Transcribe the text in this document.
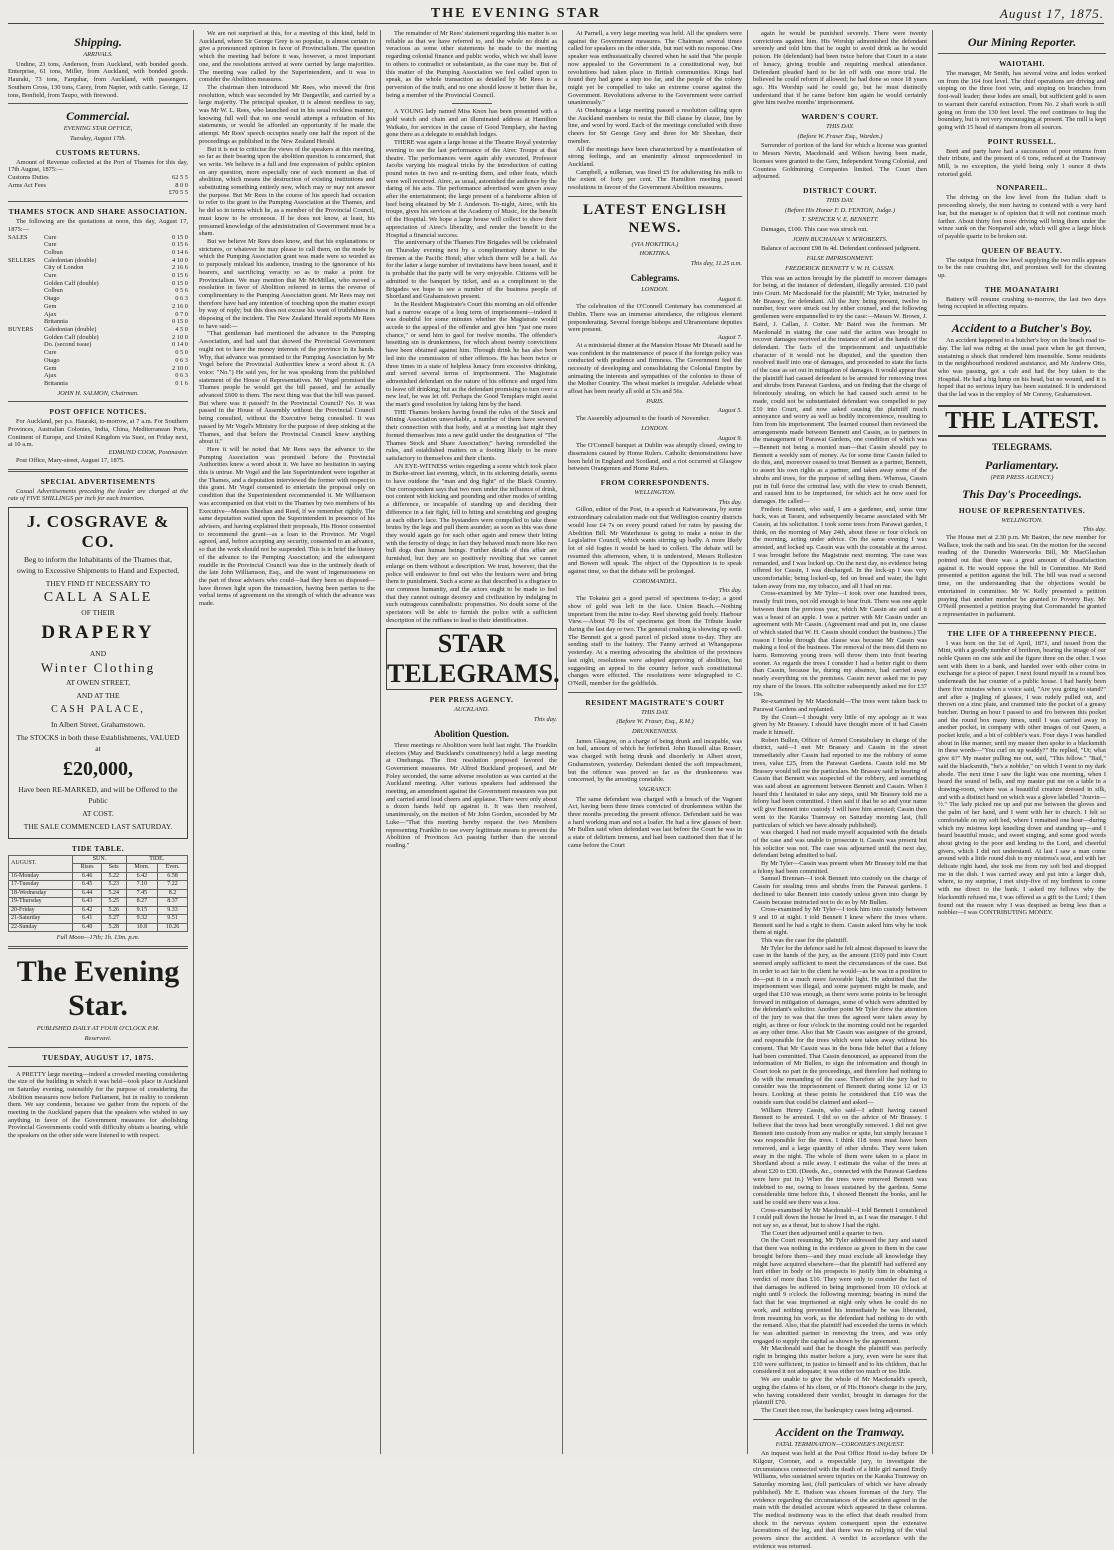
THE EVENING STAR	August 17, 1875.
Shipping.
ARRIVALS.

Undine, 23 tons, Anderson, from Auckland, with bonded goods. Enterprise, 61 tons, Miller, from Auckland, with bonded goods. Hauraki, 73 tons, Farquhar, from Auckland, with passengers. Southern Cross, 130 tons, Carey, from Napier, with cattle. George, 12 tons, Bonfield, from Taupo, with firewood.

Commercial.
EVENING STAR OFFICE,
Tuesday, August 17th.
CUSTOMS RETURNS.

Amount of Revenue collected at the Port of Thames for this day, 17th August, 1875:—

Customs Duties	62 5 5
Arms Act Fees	8 0 0
£70 5 5
THAMES STOCK AND SHARE ASSOCIATION.

The following are the quotations at noon, this day, August 17, 1875:—

SALES	Cure	0 15 0
Cure	0 15 6
Colbun	0 14 6
SELLERS	Caledonian (double)	4 10 0
City of London	2 16 6
Cure	0 15 6
Golden Calf (double)	0 15 0
Colbun	0 5 6
Otago	0 6 3
Gem	2 16 0
Ajax	0 7 0
Britannia	0 15 0
BUYERS	Caledonian (double)	4 5 0
Golden Calf (double)	2 10 0
Do. (second issue)	0 14 0
Cure	0 5 0
Otago	0 6 3
Gem	2 10 0
Ajax	0 6 3
Britannia	0 1 6
JOHN H. SALMON, Chairman.
POST OFFICE NOTICES.

For Auckland, per p.s. Hauraki, to-morrow, at 7 a.m. For Southern Provinces, Australian Colonies, India, China, Mediterranean Ports, Continent of Europe, and United Kingdom via Suez, on Friday next, at 10 a.m.

EDMUND COOK, Postmaster.

Post Office, Mary-street, August 17, 1875.

SPECIAL ADVERTISEMENTS

Casual Advertisements preceding the leader are charged at the rate of FIVE SHILLINGS per inch for each insertion.

J. COSGRAVE & CO.
Beg to inform the Inhabitants of the Thames that, owing to Excessive Shipments to Hand and Expected,
THEY FIND IT NECESSARY TO
CALL A SALE
OF THEIR
DRAPERY
AND
Winter Clothing
AT OWEN STREET,
AND AT THE
CASH PALACE,
In Albert Street, Grahamstown.
The STOCKS in both these Establishments, VALUED at
£20,000,
Have been RE-MARKED, and will be Offered to the Public
AT COST.
THE SALE COMMENCED LAST SATURDAY.
TIDE TABLE.
AUGUST.	SUN.		TIDE.	
	Rises	Sets	Morn.	Even.
16-Monday	6.46	5.22	6.42	6.58
17-Tuesday	6.45	5.23	7.10	7.22
18-Wednesday	6.44	5.24	7.45	8.2
19-Thursday	6.43	5.25	8.27	8.37
20-Friday	6.42	5.26	9.15	9.33
21-Saturday	6.41	5.27	9.32	9.51
22-Sunday	6.40	5.28	10.8	10.26
Full Moon—17th; 1h. 13m. p.m.
The Evening Star.
PUBLISHED DAILY AT FOUR O'CLOCK P.M.
Reservavi.
TUESDAY, AUGUST 17, 1875.

A PRETTY large meeting—indeed a crowded meeting considering the size of the building in which it was held—took place in Auckland on Saturday evening, ostensibly for the purpose of considering the Abolition measures now before Parliament, but in reality to condemn them. We say condemn, because we gather from the reports of the meeting in the Auckland papers that the speakers who wished to say anything in favor of the Government measures for abolishing Provincial Governments could with difficulty obtain a hearing, while the speakers on the other side were listened to with respect.

We are not surprised at this, for a meeting of this kind, held in Auckland, where Sir George Grey is so popular, is almost certain to give a pronounced opinion in favor of Provincialism. The question which the meeting had before it was, however, a most important one, and the resolutions arrived at were carried by large majorities. The meeting was called by the Superintendent, and it was to consider the Abolition measures.

The chairman then introduced Mr Rees, who moved the first resolution, which was seconded by Mr Dargaville, and carried by a large majority. The principal speaker, it is almost needless to say, was Mr W. L. Rees, who launched out in his usual reckless manner, knowing full well that no one would attempt a refutation of his statements, or would be afforded an opportunity if he made the attempt. Mr Rees' speech occupies nearly one half the report of the proceedings as published in the New Zealand Herald.

But it is not to criticise the views of the speakers at this meeting, so far as their bearing upon the abolition question is concerned, that we write. We believe in a full and free expression of public opinion on any question, more especially one of such moment as that of abolition, which means the destruction of existing institutions and substituting something entirely new, which may or may not answer the purpose. But Mr Rees in the course of his speech had occasion to refer to the grant to the Pumping Association at the Thames, and he did so in terms which he, as a member of the Provincial Council, must know to be erroneous. If he does not know, at least, his presumed knowledge of the administration of Government must be a sham.

But we believe Mr Rees does know, and that his explanations or strictures, or whatever he may please to call them, on the mode by which the Pumping Association grant was made were so worded as to purposely mislead his audience, trusting to the ignorance of his hearers, and sacrificing veracity so as to make a point for Provincialism. We may mention that Mr McMillan, who moved a resolution in favor of Abolition referred in terms the reverse of complimentary to the Pumping Association grant. Mr Rees may not therefore have had any intention of touching upon the matter except by way of reply; but this does not excuse his want of truthfulness in disposing of the incident. The New Zealand Herald reports Mr Rees to have said:—

"That gentleman had mentioned the advance to the Pumping Association, and had said that showed the Provincial Government ought not to have the money interests of the province in its hands. Why, that advance was promised to the Pumping Association by Mr Vogel before the Provincial Authorities knew a word about it. (A voice: "No.") He said yes, for he was speaking from the published statement of the House of Representatives. Mr Vogel promised the Thames people he would get the bill passed, and he actually advanced £600 to them. The next thing was that the bill was passed. But where was it passed? In the Provincial Council? No. It was passed in the House of Assembly without the Provincial Council being consulted, without the Executive being consulted. It was passed by Mr Vogel's Ministry for the purpose of deep sinking at the Thames, and that before the Provincial Council knew anything about it."

Here it will be noted that Mr Rees says the advance to the Pumping Association was promised before the Provincial Authorities knew a word about it. We have no hesitation in saying this is untrue. Mr Vogel and the late Superintendent were together at the Thames, and a deputation interviewed the former with respect to this grant. Mr Vogel consented to entertain the proposal only on condition that the Superintendent recommended it. Mr Williamson was accompanied on that visit to the Thames by two members of his Executive—Messrs Sheehan and Reed, if we remember rightly. The same deputation waited upon the Superintendent in presence of his advisers, and having explained their proposals, His Honor consented to recommend the grant—as a loan to the Province. Mr Vogel agreed, and, before accepting any security, consented to an advance, so that the work should not be suspended. This is in brief the history of the advance to the Pumping Association; and the subsequent muddle in the Provincial Council was due to the untimely death of the late John Williamson, Esq., and the want of ingenuousness on the part of those advisers who could—had they been so disposed—have thrown light upon the transaction, having been parties to the verbal terms of agreement on the strength of which the advance was made.

The remainder of Mr Rees' statement regarding this matter is so reliable as that we have referred to, and the whole no doubt as veracious as some other statements he made to the meeting regarding colonial finance and public works, which we shall leave to others to contradict or substantiate, as the case may be. But of this matter of the Pumping Association we feel called upon to speak, as the whole transaction as detailed by Mr Rees is a perversion of the truth, and no one should know it better than he, being a member of the Provincial Council.

A YOUNG lady named Miss Knox has been presented with a gold watch and chain and an illuminated address at Hamilton Waikato, for services in the cause of Good Templary, she having gone there as a delegate to establish lodges.

THERE was again a large house at the Theatre Royal yesterday evening to see the last performance of the Airec Troupe at that theatre. The performances were again ably executed, Professor Jacobs varying his magical tricks by the introduction of cutting pound notes in two and re-uniting them, and other feats, which were well received. Airec, as usual, astonished the audience by the daring of his acts. The performance advertised were given away after the entertainment; the large present of a handsome albion of beef being obtained by Mr J. Anderson. To-night, Airec, with his troupe, gives his services at the Academy of Music, for the benefit of the Hospital. We hope a large house will collect to show their appreciation of Airec's liberality, and render the benefit to the Hospital a financial success.

The anniversary of the Thames Fire Brigades will be celebrated on Thursday evening next by a complimentary dinner to the firemen at the Pacific Hotel; after which there will be a ball. As for the latter a large number of invitations have been issued, and it is probable that the party will be very enjoyable. Citizens will be admitted to the banquet by ticket, and as a compliment to the Brigades we hope to see a number of the business people of Shortland and Grahamstown present.

In the Resident Magistrate's Court this morning an old offender had a narrow escape of a long term of imprisonment—indeed it was doubtful for some minutes whether the Magistrate would accede to the appeal of the offender and give him "just one more chance," or send him to gaol for twelve months. The offender's besetting sin is drunkenness, for which about twenty convictions have been obtained against him. Through drink he has also been led into the commission of other offences. He has been twice or three times in a state of helpless lunacy from excessive drinking, and served several terms of imprisonment. The Magistrate admonished defendant on the nature of his offence and urged him to leave off drinking; but as the defendant promising to turn over a new leaf, he was let off. Perhaps the Good Templars might assist the man's good resolution by taking him by the hand.

THE Thames brokers having found the rules of the Stock and Mining Association unworkable, a number of them have severed their connection with that body, and at a meeting last night they formed themselves into a new guild under the designation of "The Thames Stock and Share Association;" having remodelled the rules, and established matters on a footing likely to be more satisfactory to themselves and their clients.

AN EYE-WITNESS writes regarding a scene which took place in Burke-street last evening, which, in its sickening details, seems to have outdone the "man and dog fight" of the Black Country. Our correspondent says that two men under the influence of drink, not content with kicking and pounding and other modes of settling a difference, or incapable of standing up and deciding their difference in a fair fight, fell to biting and scratching and gouging at each other's face. The bystanders were compelled to take these brutes by the legs and pull them asunder; as soon as this was done they would again go for each other again and renew their biting with the ferocity of dogs; in fact they behaved much more like two bull dogs than human beings. Further details of this affair are furnished, but they are so positively revolting that we cannot enlarge on them without a description. We trust, however, that the police will endeavor to find out who the bruisers were and bring them to punishment. Such a scene as that described is a disgrace to our common humanity, and the actors ought to be made to feel that they cannot outrage decency and civilization by indulging in such outrageous cannibalistic propensities. No doubt some of the spectators will be able to furnish the police with a sufficient description of the ruffians to lead to their identification.

STAR TELEGRAMS.
PER PRESS AGENCY.
AUCKLAND.
This day.
Abolition Question.

Three meetings re Abolition were held last night. The Franklin electors (May and Buckland's constituency) held a large meeting at Onehunga. The first resolution proposed favored the Government measures. Mr Alfred Buckland proposed, and Mr Foley seconded, the same adverse resolution as was carried at the Auckland meeting. After various speakers had addressed the meeting, an amendment against the Government measures was put and carried amid loud cheers and applause. There were only about a dozen hands held up against it. It was then resolved, unanimously, on the motion of Mr John Gordon, seconded by Mr Luke—"That this meeting hereby request the two Members representing Franklin to use every legitimate means to prevent the Abolition of Provinces Act passing further than the second reading."

At Parnell, a very large meeting was held. All the speakers were against the Government measures. The Chairman several times called for speakers on the other side, but met with no response. One speaker was enthusiastically cheered when he said that "the people now appealed to the Government in a constitutional way, but revolutions had taken place in British communities. Kings had found they had gone a step too far, and the people of the colony might yet be compelled to take an extreme course against the Government. Revolutions adverse to the Government were carried unanimously."

At Onehunga a large meeting passed a resolution calling upon the Auckland members to resist the Bill clause by clause, line by line, and word by word. Each of the meetings concluded with three cheers for Sir George Grey and three for Mr Sheehan, their member.

All the meetings have been characterized by a manifestation of strong feelings, and an unanimity almost unprecedented in Auckland.

Campbell, a milkman, was fined £5 for adulterating his milk to the extent of forty per cent. The Hamilton meeting passed resolutions in favour of the Government Abolition measures.

LATEST ENGLISH NEWS.
(VIA HOKITIKA.)
HOKITIKA.
This day, 11.25 a.m.
Cablegrams.
LONDON.
August 6.

The celebration of the O'Connell Centenary has commenced at Dublin. There was an immense attendance, the religious element preponderating. Several foreign bishops and Ultramontane deputies were present.

August 7.

At a ministerial dinner at the Mansion House Mr Disraeli said he was confident in the maintenance of peace if the foreign policy was conducted with prudence and firmness. The Government feel the necessity of developing and consolidating the Colonial Empire by animating the interests and sympathies of the colonies to those of the Mother Country. The wheat market is irregular. Adelaide wheat afloat has been nearly all sold at 53s and 56s.

PARIS.
August 5.

The Assembly adjourned to the fourth of November.

LONDON.
August 9.

The O'Connell banquet at Dublin was abruptly closed, owing to dissensions caused by Home Rulers. Catholic demonstrations have been held in England and Scotland, and a riot occurred at Glasgow between Orangemen and Home Rulers.

FROM CORRESPONDENTS.
WELLINGTON.
This day.

Gillon, editor of the Post, in a speech at Kaiwarawara, by some extraordinary calculation made out that Wellington country districts would lose £4 7s on every pound raised for rates by passing the Abolition Bill. Mr Waterhouse is going to make a noise in the Legislative Council, which wants stirring up badly. A more likely lot of old fogies it would be hard to collect. The debate will be resumed this afternoon, when, it is understood, Messrs Rolleston and Bowen will speak. The object of the Opposition is to speak against time, so that the debate will be prolonged.

COROMANDEL.
This day.

The Tokatea got a good parcel of specimens to-day; a good show of gold was left in the face. Union Beach.—Nothing important from the mine to-day. Reef showing gold freely. Harbour View.—About 70 lbs of specimens got from the Tribute leader during the last day or two. The general crushing is showing up well. The Bennett got a good parcel of picked stone to-day. They are sending stuff to the battery. The Fanny arrived at Whangapoua yesterday. At a meeting advocating the abolition of the provinces last night, resolutions were adopted approving of abolition, but suggesting an appeal to the country before such constitutional changes were effected. The resolutions were telegraphed to C. O'Neill, member for the goldfields.

RESIDENT MAGISTRATE'S COURT
THIS DAY.
(Before W. Fraser, Esq., R.M.)
DRUNKENNESS.

James Glasgow, on a charge of being drunk and incapable, was on bail, amount of which he forfeited. John Russell alias Rosser, was charged with being drunk and disorderly in Albert street, Grahamstown, yesterday. Defendant denied the soft impeachment, but the offence was proved so far as the drunkenness was concerned, by the arresting constable.

VAGRANCY.

The same defendant was charged with a breach of the Vagrant Act, having been three times convicted of drunkenness within the three months preceding the present offence. Defendant said he was a hard working man and not a loafer. He had a few glasses of beer. Mr Bullen said when defendant was last before the Court he was in a state of delirium tremens, and had been cautioned then that if he came before the Court

again he would be punished severely. There were twenty convictions against him. His Worship admonished the defendant severely and told him that he ought to avoid drink as he would poison. He (defendant) had been twice before that Court in a state of lunacy, giving trouble and requiring medical attendance. Defendant pleaded hard to be let off with one more trial. He believed he could reform if allowed; he had done so once 18 years ago. His Worship said he could go, but he must distinctly understand that if he came before him again he would certainly give him twelve months' imprisonment.

WARDEN'S COURT.
THIS DAY.
(Before W. Fraser Esq., Warden.)

Surrender of portion of the land for which a license was granted to Messrs Nevin, Macdonald and Wilson having been made, licenses were granted to the Gem, Independent Young Colonial, and Countess Goldmining Companies limited. The Court then adjourned.

DISTRICT COURT.
THIS DAY.
(Before His Honor F. D. FENTON, Judge.)
T. SPENCER V. E. BENNETT.

Damages, £100. This case was struck out.

JOHN BUCHANAN V. M'ROBERTS.

Balance of account £98 0s 4d. Defendant confessed judgment.

FALSE IMPRISONMENT.
FREDERICK BENNETT V. W. H. CASSIN.

This was an action brought by the plaintiff to recover damages for being, at the instance of defendant, illegally arrested. £10 paid into Court. Mr Macdonald for the plaintiff; Mr Tyler, instructed by Mr Brassey, for defendant. All the Jury being present, twelve in number, four were struck out by either counsel, and the following gentlemen were empannelled to try the case:—Messrs W. Brown, J. Baird, J. Callan, J. Cotter. Mr Baird was the foreman. Mr Macdonald in stating the case said the action was brought to recover damages received at the instance of and at the hands of the defendant. The facts of the imprisonment and unjustifiable character of it would not be disputed, and the question then resolved itself into one of damages, and proceeded to state the facts of the case as set out in mitigation of damages. It would appear that the plaintiff had caused defendant to be arrested for removing trees and shrubs from Parawai Gardens, and on finding that the charge of feloniously stealing, on which he had caused such arrest to be made, could not be substantiated defendant was compelled to pay £10 into Court, and now asked causing the plaintiff much annoyance and worry as well as bodily inconvenience, resulting to him from his imprisonment. The learned counsel then reviewed the arrangements made between Bennett and Cassin, as to partners in the management of Parawai Gardens, one condition of which was—Bennett not being a monied man—that Cassin should pay to Bennett a weekly sum of money. As for some time Cassin failed to do this, and, moreover ceased to treat Bennett as a partner, Bennett, to assert his own rights as a partner, and taken away some of the shrubs and trees, for the purpose of selling them. Whereas, Cassin put in full force the criminal law, with the view to crush Bennett, and caused him to be imprisoned, for which act he now sued for damages. He called—

Frederic Bennett, who said, I am a gardener, and, some time back, was at Tararu, and subsequently became associated with Mr Cassin, at his solicitation. I took some trees from Parawai garden, I think, on the morning of May 24th, about three or four o'clock on the morning, acting under advice. On the same evening I was arrested, and locked up. Cassin was with the constable at the arrest. I was brought before the Magistrate next morning. The case was remanded, and I was locked up. On the next day, no evidence being offered for Cassin, I was discharged. In the lock-up I was very uncomfortable; being locked-up, fed on bread and water, the light taken away from me, my tobacco, and all I had on me.

Cross-examined by Mr Tyler—I took over one hundred trees, mostly fruit trees, not old enough to bear fruit. There was one apple between them the previous year, which Mr Cassin ate and said it was a beast of an apple. I was a partner with Mr Cassin under an agreement with Mr Cassin. (Agreement read and put in, one clause of which stated that W. H. Cassin should conduct the business.) The reason I broke through that clause was because Mr Cassin was making a fool of the business. The removal of the trees did them no harm. Removing young trees will throw them into fruit bearing sooner. As regards the trees I consider I had a better right to them than Cassin, because he, during my absence, had carried away nearly everything on the premises. Cassin never asked me to pay my share of the losses. His solicitor subsequently asked me for £37 19s.

Re-examined by Mr Macdonald—The trees were taken back to Parawai Gardens and replanted.

By the Court—I thought very little of my apology as it was given by Mr Brassey. I should have thought more of it had Cassin made it himself.

Robert Bullen, Officer of Armed Constabulary in charge of the district, said—I met Mr Brassey and Cassin in the street immediately after Cassin had reported to me the robbery of some trees, value £25, from the Parawai Gardens. Cassin told me Mr Brassey would tell me the particulars. Mr Brassey said in hearing of Cassin that Bennett was suspected of the robbery, and something was said about an agreement between Bennett and Cassin. When I heard this I hesitated to take any steps, until Mr Brassey told me a felony had been committed. I then said if that be so and your name will give Bennett into custody I will have him arrested; Cassin then went to the Karaka Tramway on Saturday morning last, (full particulars of which we have already published).

was charged. I had not made myself acquainted with the details of the case and was unable to prosecute it. Cassin was present but his solicitor was not. The case was adjourned until the next day, defendant being admitted to bail.

By Mr Tyler—Cassin was present when Mr Brassey told me that a felony had been committed.

Samuel Brennan—I took Bennett into custody on the charge of Cassin for stealing trees and shrubs from the Parawai gardens. I declined to take Bennett into custody unless given into charge by Cassin because instructed not to do so by Mr Bullen.

Cross-examined by Mr Tyler—I took him into custody between 9 and 10 at night. I told Bennett I knew where the trees where. Bennett said he had a right to them. Cassin asked him why he took them at night.

This was the case for the plaintiff.

Mr Tyler for the defence said he felt almost disposed to leave the case in the hands of the jury, as the amount (£10) paid into Court seemed amply sufficient to meet the circumstances of the case. But in order to act fair to the client he would—as he was in a position to do—put it in a much more favorable light. He admitted that the imprisonment was illegal, and some payment might be made, and urged that £10 was enough, as there were some points to be brought forward in mitigation of damages, some of which were admitted by the defendant's solicitor. Another point Mr Tyler drew the attention of the jury to was that the trees the agreed were taken away by night, as three or four o'clock in the morning could not be regarded as any other time. Also that Mr Cassin was assignee of the ground, and responsible for the trees which were taken away without his consent. That Mr Cassin was in the bona fide belief that a felony had been committed. That Cassin denounced, as appeared from the information of Mr Bullen, to sign the information and though in Court took no part in the proceedings, and therefore had nothing to do with the remanding of the case. Therefore all the jury had to consider was the imprisonment of Bennett during some 12 or 13 hours. Looking at these points he considered that £10 was the outside sum that could be claimed and asked—

William Henry Cassin, who said—I admit having caused Bennett to be arrested. I did so on the advice of Mr Brassey. I believe that the trees had been wrongfully removed. I did not give Bennett into custody from any malice or spite, but simply because I was responsible for the trees. I think 118 trees must have been removed, and a large quantity of other shrubs. They were taken away in the night. The whole of them were taken to a place in Shortland about a mile away. I estimate the value of the trees at about £20 to £30. (Deeds, &c., connected with the Parawai Gardens were here put in.) When the trees were removed Bennett was indebted to me, owing to losses sustained by the gardens. Some considerable time before this, I showed Bennett the books, and he said he could see there was a loss.

Cross-examined by Mr Macdonald—I told Bennett I considered I could pull down the house he lived in, as I was the manager. I did not say so, as a threat, but to show I had the right.

The Court then adjourned until a quarter to two.

On the Court resuming, Mr Tyler addressed the jury and stated that there was nothing in the evidence as given to them in the case brought before them—and they must exclude all knowledge they might have acquired elsewhere—that the plaintiff had suffered any hurt either in body or his prospects to justify him in obtaining a verdict of more than £10. They were only to consider the fact of that damages be suffered in being imprisoned from 10 o'clock at night until 9 o'clock the following morning; bearing in mind the fact that he was imprisoned at night only when he could do no work, and nothing prevented his immediately be was liberated, from resuming his work, as the defendant had nothing to do with the remand. Also, that the plaintiff had exceeded the terms in which he was admitted partner in removing the trees, and was only engaged to supply the capital as shown by the agreement.

Mr Macdonald said that he thought the plaintiff was perfectly right in bringing this matter before a jury, even were he sure that £10 were sufficient, in justice to himself and to his children, that he considered it not adequate; it was either too much or too little.

We are unable to give the whole of Mr Macdonald's speech, urging the claims of his client, or of His Honor's charge to the jury, who having considered their verdict, brought in damages for the plaintiff £70.

The Court then rose, the bankruptcy cases being adjourned.

Accident on the Tramway.
FATAL TERMINATION—CORONER'S INQUEST.

An inquest was held at the Post Office Hotel to-day before Dr Kilgour, Coroner, and a respectable jury, to investigate the circumstances connected with the death of a little girl named Emily Williams, who sustained severe injuries on the Karaka Tramway on Saturday morning last, (full particulars of which we have already published). Mr E. Hudson was chosen foreman of the Jury. The evidence regarding the circumstances of the accident agreed in the main with the detailed account which appeared in these columns. The medical testimony was to the effect that death resulted from shock to the nervous system consequent upon the extensive lacerations of the leg, and that there was no rallying of the vital powers since the accident. A verdict in accordance with the evidence was returned.

Our Mining Reporter.
WAIOTAHI.

The manager, Mr Smith, has several veins and lodes worked on from the 164 foot level. The chief operations are driving and stoping on the three foot vein, and stoping on branches from foot-wall leader; these lodes are small, but sufficient gold is seen to warrant their careful extraction. From No. 2 shaft work is still going on from the 130 feet level. The reef continues to hug the boundary, but is not very encouraging at present. The mill is kept going with 15 head of stampers from all sources.

POINT RUSSELL.

Brett and party have had a succession of poor returns from their tribute, and the present of 6 tons, reduced at the Tramway Mill, is no exception, the yield being only 1 ounce 8 dwts retorted gold.

NONPAREIL.

The driving on the low level from the Italian shaft is proceeding slowly, the men having to contend with a very hard bar, but the manager is of opinion that it will not continue much farther. About thirty feet more driving will bring them under the winze sunk on the Nonpareil side, which will give a large block of payable quartz to be broken out.

QUEEN OF BEAUTY.

The output from the low level supplying the two mills appears to be the rate crushing dirt, and promises well for the cleaning up.

THE MOANATAIRI

Battery will resume crushing to-morrow, the last two days being occupied in effecting repairs.

Accident to a Butcher's Boy.

An accident happened to a butcher's boy on the beach road to-day. The lad was riding at the usual pace when he got thrown, sustaining a shock that rendered him insensible. Some residents in the neighbourhood rendered assistance, and Mr Andrew Otto, who was passing, got a cab and had the boy taken to the Hospital. He had a big lump on his head, but no wound, and it is hoped that no serious injury has been sustained. It is understood that the lad was in the employ of Mr Conroy, Grahamstown.

THE LATEST.
TELEGRAMS.
Parliamentary.
(PER PRESS AGENCY.)
This Day's Proceedings.
HOUSE OF REPRESENTATIVES.
WELLINGTON.
This day.

The House met at 2.30 p.m. Mr Baston, the new member for Wallace, took the oath and his seat. On the motion for the second reading of the Dunedin Waterworks Bill, Mr MacGlashan pointed out that there was a great amount of dissatisfaction against it. He would oppose the bill in Committee. Mr Reid presented a petition against the bill. The bill was read a second time, on the understanding that the objections would be entertained in committee. Mr W. Kelly presented a petition praying that another member be granted to Poverty Bay. Mr O'Neill presented a petition praying that Coromandel be granted a representative in parliament.

THE LIFE OF A THREEPENNY PIECE.

I was born on the 1st of April, 1871, and issued from the Mint, with a goodly number of brethren, bearing the image of our noble Queen on one side and the figure three on the other. I was sent with them to a bank, and handed over with other coins in exchange for a piece of paper. I next found myself in a round box underneath the bar counter of a public house. I had barely been there five minutes when a voice said, "Are you going to stand?" and after a jingling of glasses, I was rudely pulled out, and thrown on a zinc plate, and crammed into the pocket of a greasy butcher. During an hour I passed to and fro between this pocket and the round box many times, until I was carried away in another pocket, in company with other images of our Queen, a pocket knife, and a bit of cobbler's wax. Four days I was handled about in like manner, until my master then spoke to a blacksmith in these words—"You curl on up waddy?" He replied, "Ut; what give it?" My master pulling me out, said, "This fellow." "Bail," said the blacksmith, "he's a nobbler," on which I went to my dark abode. The next time I saw the light was one morning, when I heard the sound of bells, and my master put me on a table in a drawing-room, where was a beautiful creature dressed in silk, and with a distinct band on which was a glove labelled "Jouvin—½." The lady picked me up and put me between the gloves and the palm of her hand, and I went with her to church. I felt so comfortable on my soft bed, where I remained one hour—during which my mistress kept kneeling down and standing up—and I heard beautiful music, and sweet singing, and some good words about giving to the poor and lending to the Lord, and cheerful givers, which I did not understand. At last I saw a man come around with a little round dish to my mistress's seat, and with her delicate right hand, she took me from my soft bed and dropped me in the dish. I was carried away and put into a larger dish, where, to my surprise, I met sixty-five of my brethren to come with me direct to the bank. I asked my fellows why the blacksmith refused me, I was offered as a gift to the Lord; I then found out the reason why I was despised as being less than a nobbler—I was CONTRIBUTING MONEY.
